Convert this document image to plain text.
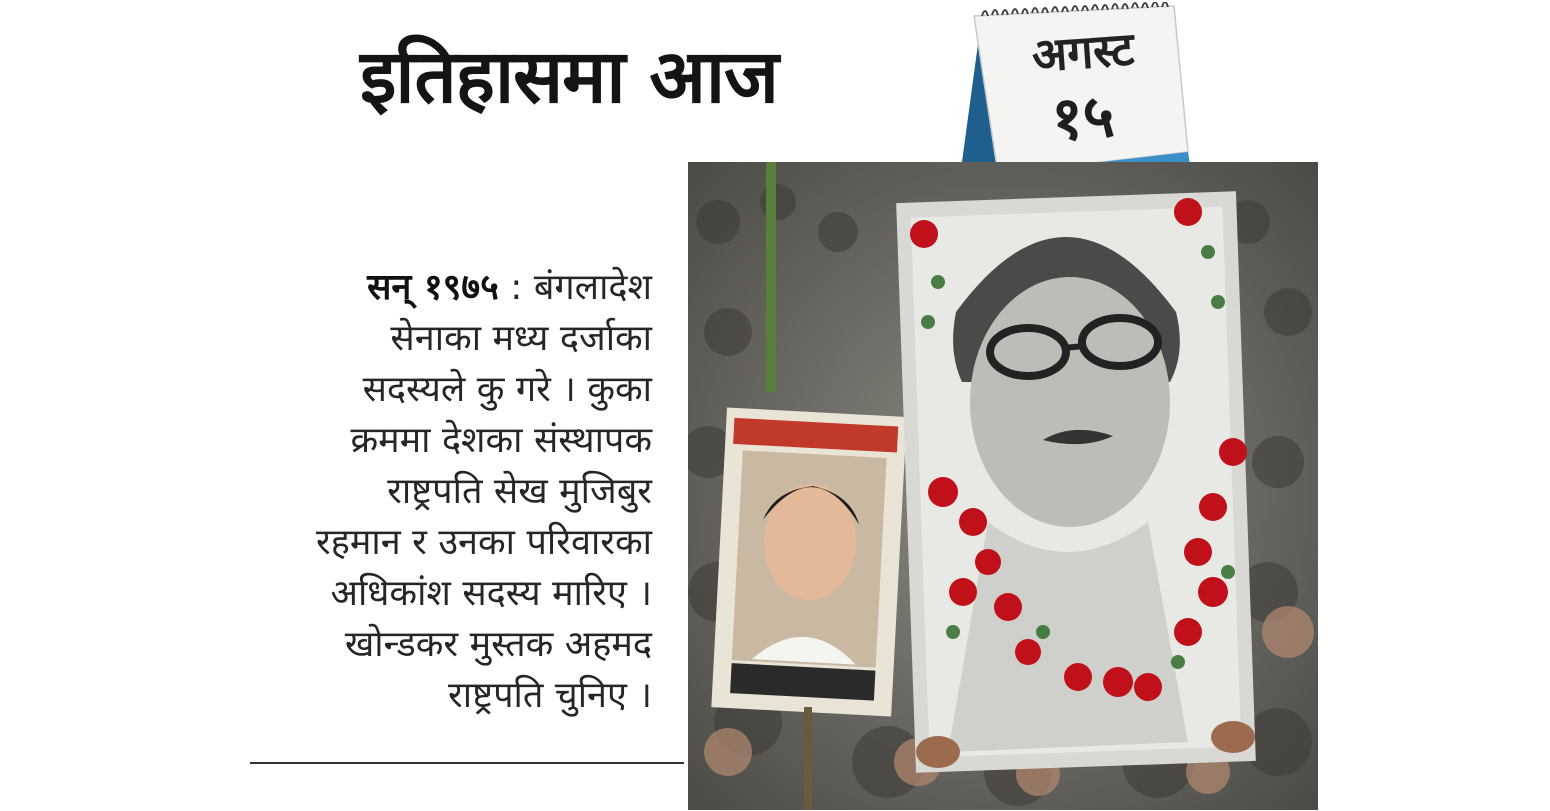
इतिहासमा आज	अगस्ट
१५
सन् १९७५ : बंगलादेश
सेनाका मध्य दर्जाका
सदस्यले कु गरे । कुका
क्रममा देशका संस्थापक
राष्ट्रपति सेख मुजिबुर
रहमान र उनका परिवारका
अधिकांश सदस्य मारिए ।
खोन्डकर मुस्तक अहमद
राष्ट्रपति चुनिए ।
